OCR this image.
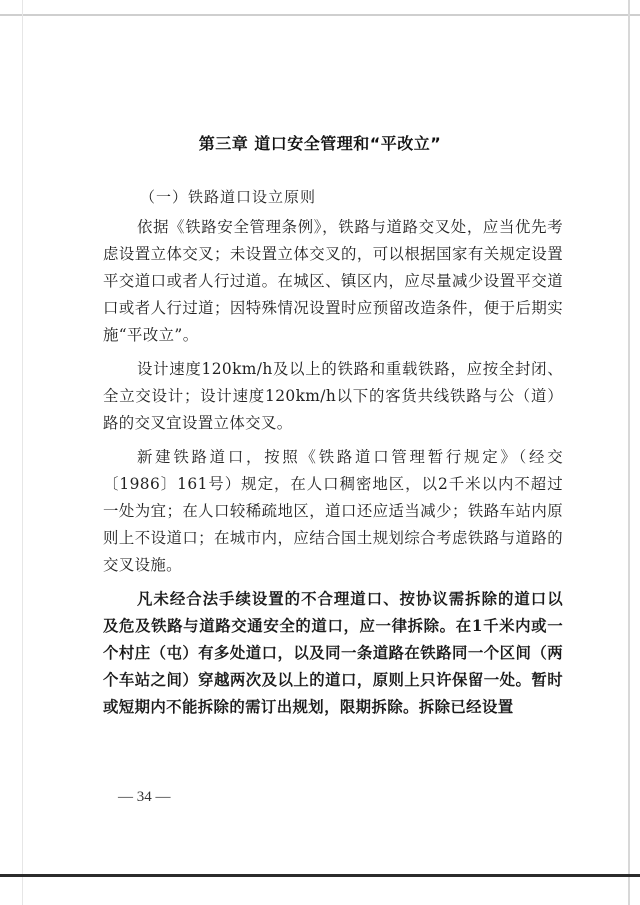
第三章 道口安全管理和“平改立”
（一）铁路道口设立原则

依据《铁路安全管理条例》，铁路与道路交叉处，应当优先考虑设置立体交叉；未设置立体交叉的，可以根据国家有关规定设置平交道口或者人行过道。在城区、镇区内，应尽量减少设置平交道口或者人行过道；因特殊情况设置时应预留改造条件，便于后期实施“平改立”。

设计速度120km/h及以上的铁路和重载铁路，应按全封闭、全立交设计；设计速度120km/h以下的客货共线铁路与公（道）路的交叉宜设置立体交叉。

新建铁路道口，按照《铁路道口管理暂行规定》（经交〔1986〕161号）规定，在人口稠密地区，以2千米以内不超过一处为宜；在人口较稀疏地区，道口还应适当减少；铁路车站内原则上不设道口；在城市内，应结合国土规划综合考虑铁路与道路的交叉设施。

凡未经合法手续设置的不合理道口、按协议需拆除的道口以及危及铁路与道路交通安全的道口，应一律拆除。在1千米内或一个村庄（屯）有多处道口，以及同一条道路在铁路同一个区间（两个车站之间）穿越两次及以上的道口，原则上只许保留一处。暂时或短期内不能拆除的需订出规划，限期拆除。拆除已经设置

— 34 —
